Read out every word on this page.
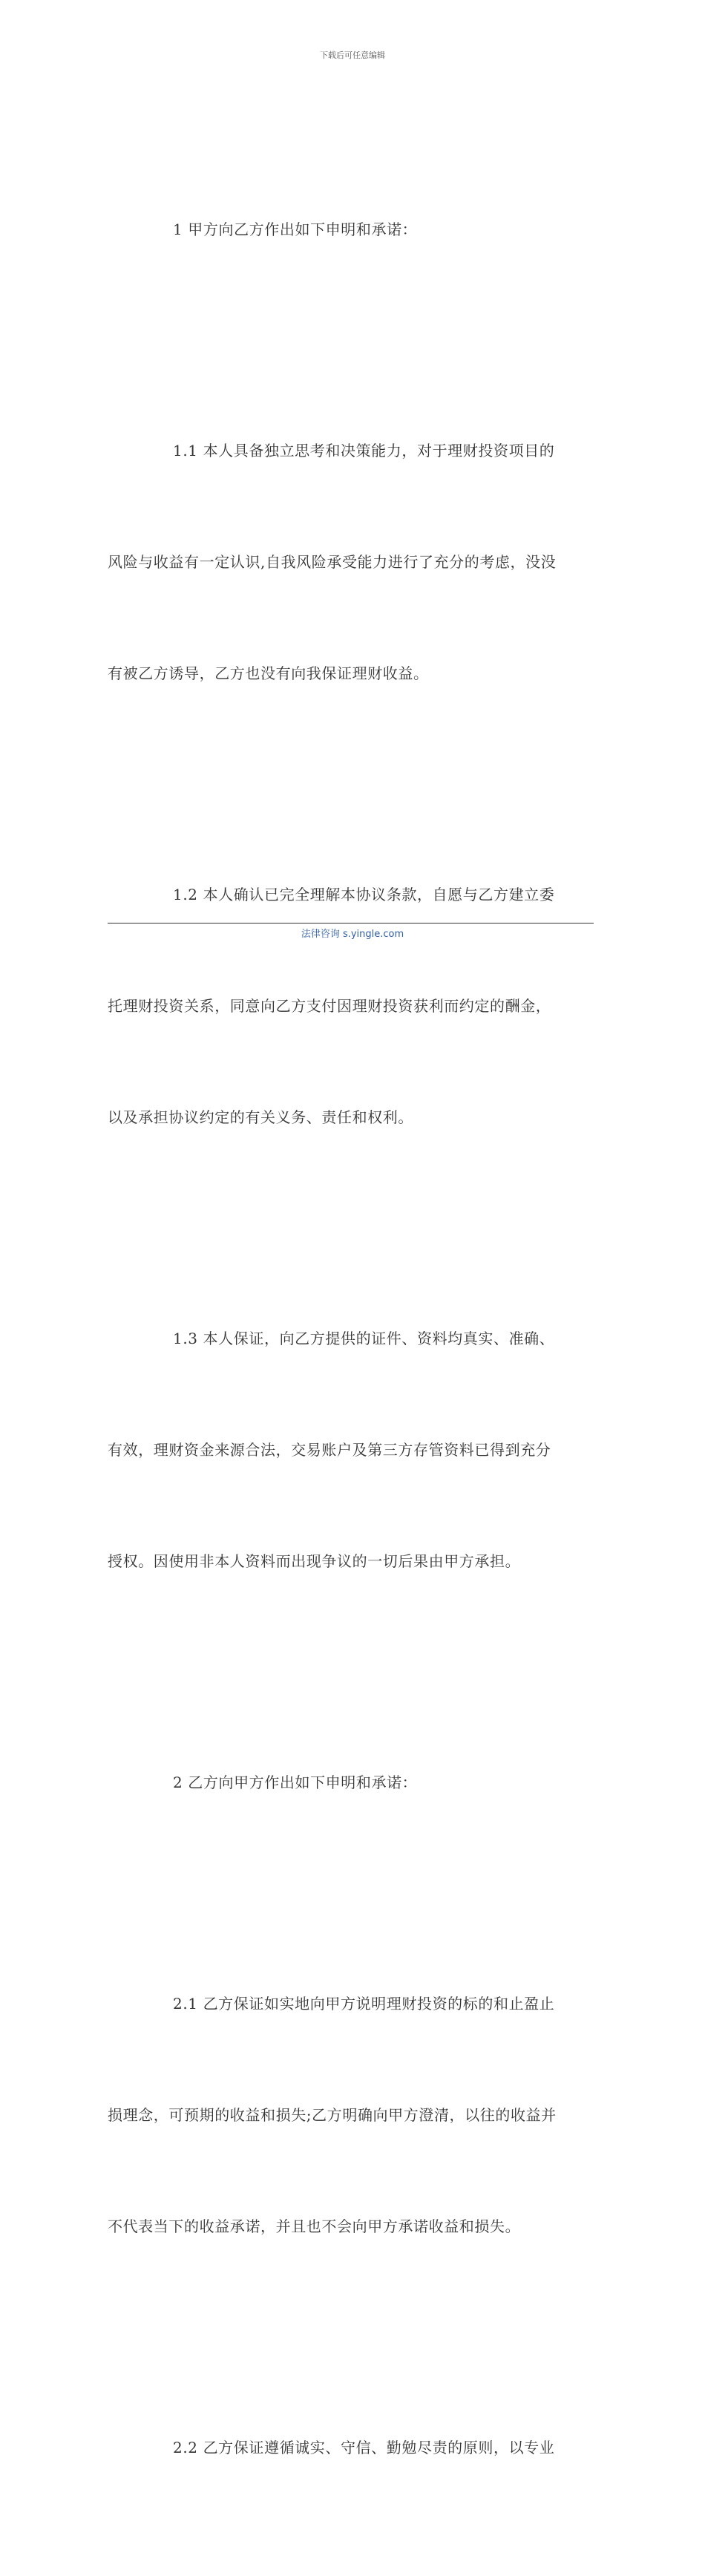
下载后可任意编辑

1 甲方向乙方作出如下申明和承诺：

1.1 本人具备独立思考和决策能力，对于理财投资项目的

风险与收益有一定认识,自我风险承受能力进行了充分的考虑，没没

有被乙方诱导，乙方也没有向我保证理财收益。

1.2 本人确认已完全理解本协议条款，自愿与乙方建立委

托理财投资关系，同意向乙方支付因理财投资获利而约定的酬金，

以及承担协议约定的有关义务、责任和权利。

1.3 本人保证，向乙方提供的证件、资料均真实、准确、

有效，理财资金来源合法，交易账户及第三方存管资料已得到充分

授权。因使用非本人资料而出现争议的一切后果由甲方承担。

2 乙方向甲方作出如下申明和承诺：

2.1 乙方保证如实地向甲方说明理财投资的标的和止盈止

损理念，可预期的收益和损失;乙方明确向甲方澄清，以往的收益并

不代表当下的收益承诺，并且也不会向甲方承诺收益和损失。

2.2 乙方保证遵循诚实、守信、勤勉尽责的原则，以专业

法律咨询 s.yingle.com
